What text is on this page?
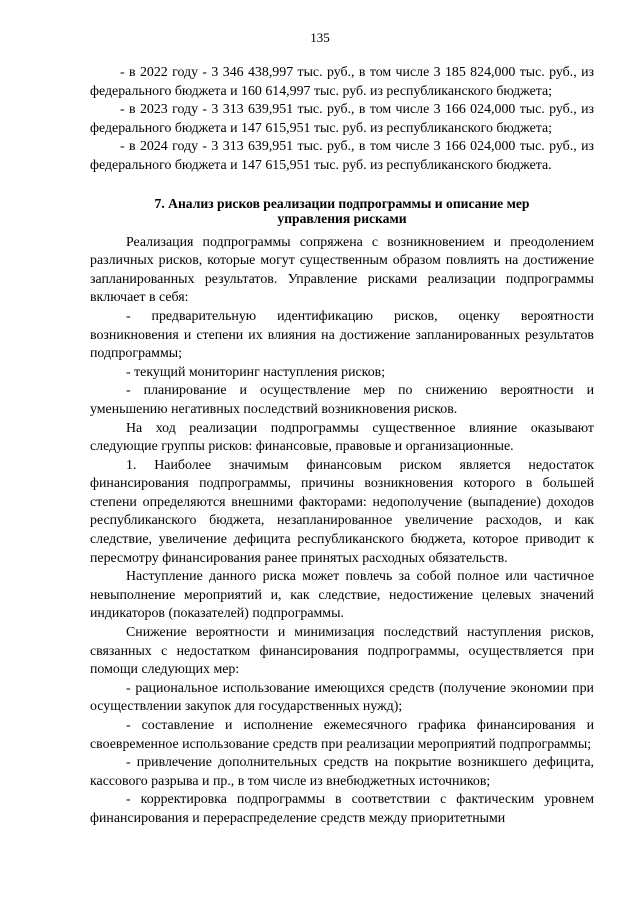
135

- в 2022 году - 3 346 438,997 тыс. руб., в том числе 3 185 824,000 тыс. руб., из федерального бюджета и 160 614,997 тыс. руб. из республиканского бюджета;

- в 2023 году - 3 313 639,951 тыс. руб., в том числе 3 166 024,000 тыс. руб., из федерального бюджета и 147 615,951 тыс. руб. из республиканского бюджета;

- в 2024 году - 3 313 639,951 тыс. руб., в том числе 3 166 024,000 тыс. руб., из федерального бюджета и 147 615,951 тыс. руб. из республиканского бюджета.

7. Анализ рисков реализации подпрограммы и описание мер управления рисками

Реализация подпрограммы сопряжена с возникновением и преодолением различных рисков, которые могут существенным образом повлиять на достижение запланированных результатов. Управление рисками реализации подпрограммы включает в себя:

- предварительную идентификацию рисков, оценку вероятности возникновения и степени их влияния на достижение запланированных результатов подпрограммы;

- текущий мониторинг наступления рисков;

- планирование и осуществление мер по снижению вероятности и уменьшению негативных последствий возникновения рисков.

На ход реализации подпрограммы существенное влияние оказывают следующие группы рисков: финансовые, правовые и организационные.

1. Наиболее значимым финансовым риском является недостаток финансирования подпрограммы, причины возникновения которого в большей степени определяются внешними факторами: недополучение (выпадение) доходов республиканского бюджета, незапланированное увеличение расходов, и как следствие, увеличение дефицита республиканского бюджета, которое приводит к пересмотру финансирования ранее принятых расходных обязательств.

Наступление данного риска может повлечь за собой полное или частичное невыполнение мероприятий и, как следствие, недостижение целевых значений индикаторов (показателей) подпрограммы.

Снижение вероятности и минимизация последствий наступления рисков, связанных с недостатком финансирования подпрограммы, осуществляется при помощи следующих мер:

- рациональное использование имеющихся средств (получение экономии при осуществлении закупок для государственных нужд);

- составление и исполнение ежемесячного графика финансирования и своевременное использование средств при реализации мероприятий подпрограммы;

- привлечение дополнительных средств на покрытие возникшего дефицита, кассового разрыва и пр., в том числе из внебюджетных источников;

- корректировка подпрограммы в соответствии с фактическим уровнем финансирования и перераспределение средств между приоритетными
